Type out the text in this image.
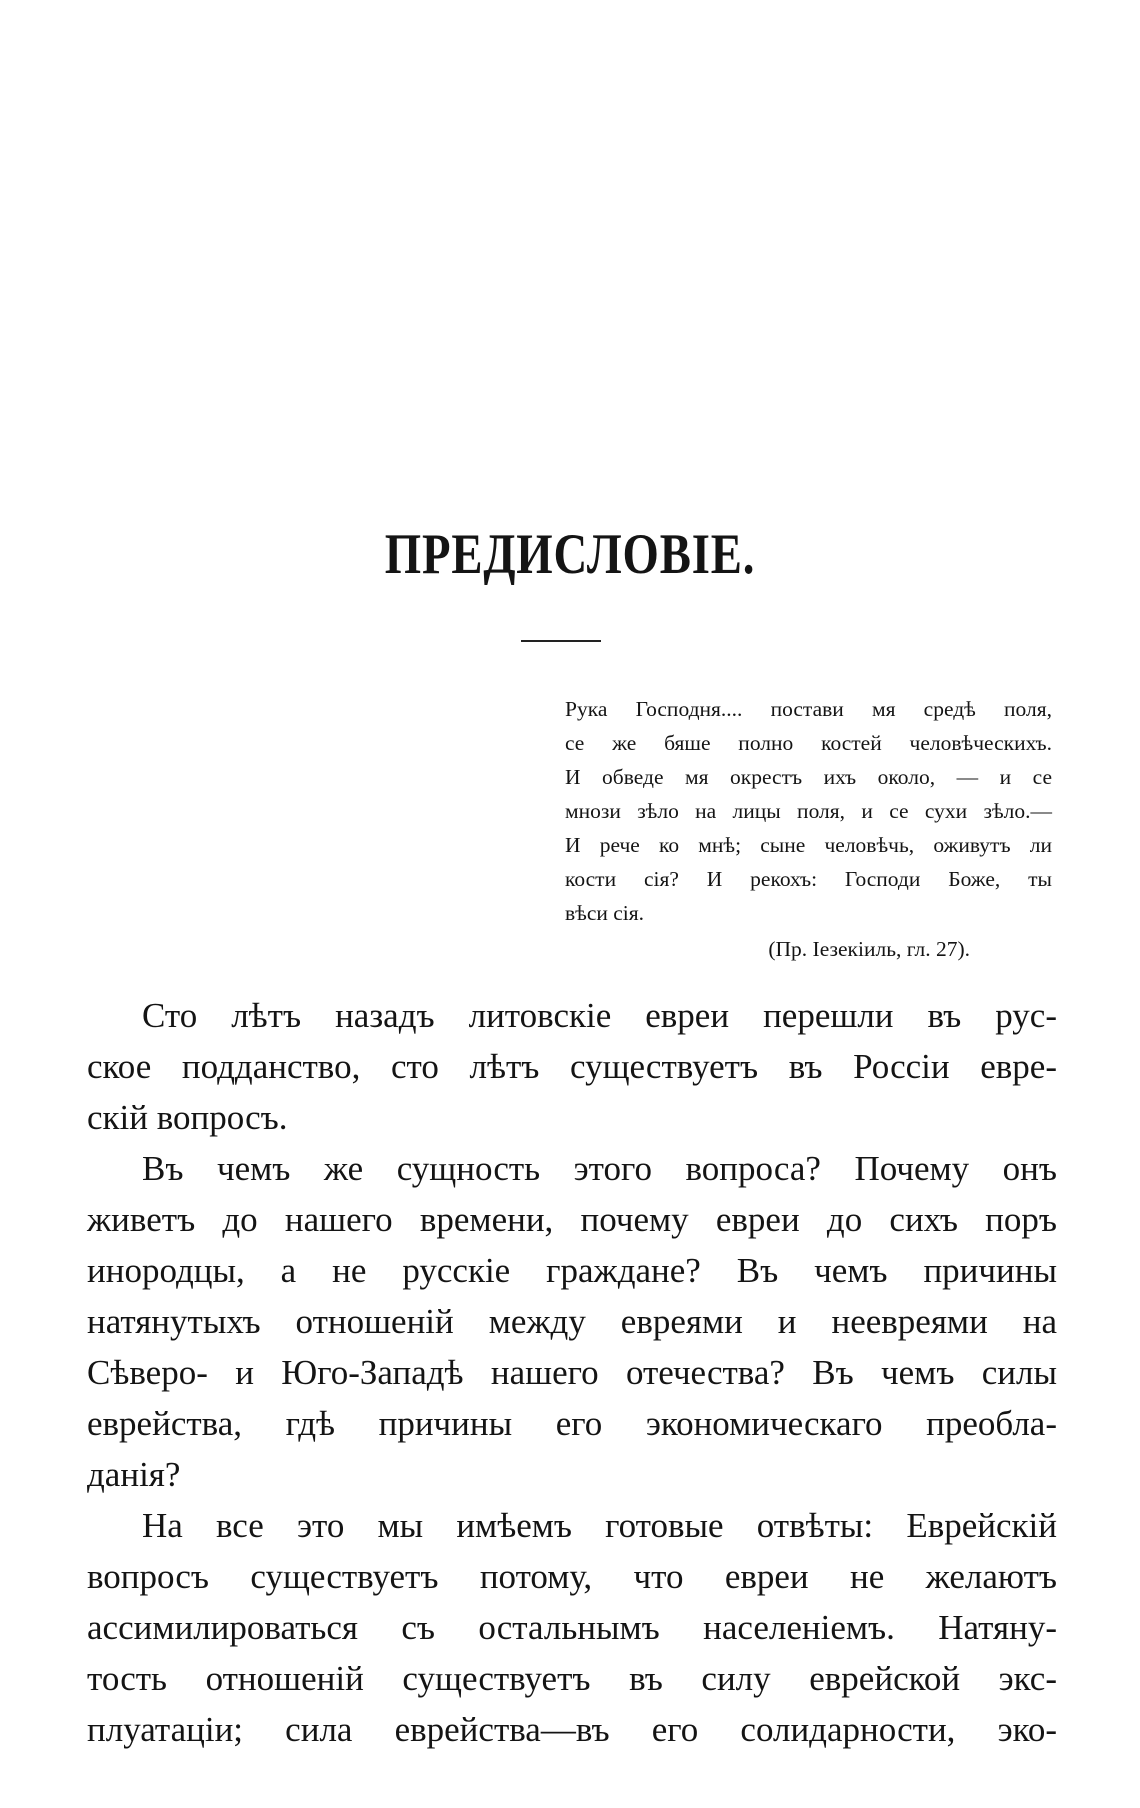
ПРЕДИСЛОВІЕ.
Рука Господня.... постави мя средѣ поля,
се же бяше полно костей человѣческихъ.
И обведе мя окрестъ ихъ около, — и се
мнози зѣло на лицы поля, и се сухи зѣло.—
И рече ко мнѣ; сыне человѣчь, оживутъ ли
кости сія? И рекохъ: Господи Боже, ты
вѣси сія.
(Пр. Іезекіиль, гл. 27).
Сто лѣтъ назадъ литовскіе евреи перешли въ рус-
ское подданство, сто лѣтъ существуетъ въ Россіи евре-
скій вопросъ.
Въ чемъ же сущность этого вопроса? Почему онъ
живетъ до нашего времени, почему евреи до сихъ поръ
инородцы, а не русскіе граждане? Въ чемъ причины
натянутыхъ отношеній между евреями и неевреями на
Сѣверо- и Юго-Западѣ нашего отечества? Въ чемъ силы
еврейства, гдѣ причины его экономическаго преобла-
данія?
На все это мы имѣемъ готовые отвѣты: Еврейскій
вопросъ существуетъ потому, что евреи не желаютъ
ассимилироваться съ остальнымъ населеніемъ. Натяну-
тость отношеній существуетъ въ силу еврейской экс-
плуатаціи; сила еврейства—въ его солидарности, эко-
